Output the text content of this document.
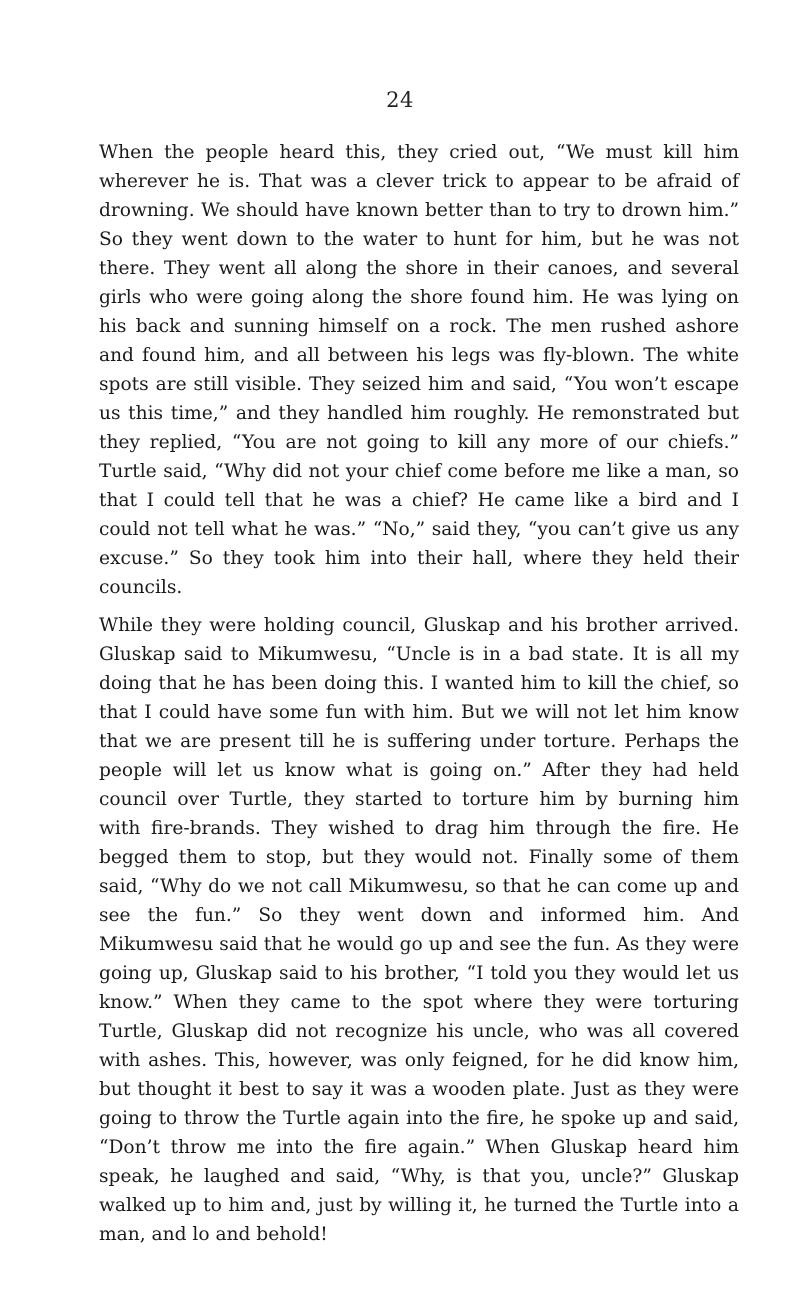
24

When the people heard this, they cried out, “We must kill him wherever he is. That was a clever trick to appear to be afraid of drowning. We should have known better than to try to drown him.” So they went down to the water to hunt for him, but he was not there. They went all along the shore in their canoes, and several girls who were going along the shore found him. He was lying on his back and sunning himself on a rock. The men rushed ashore and found him, and all between his legs was fly-blown. The white spots are still visible. They seized him and said, “You won’t escape us this time,” and they handled him roughly. He remonstrated but they replied, “You are not going to kill any more of our chiefs.” Turtle said, “Why did not your chief come before me like a man, so that I could tell that he was a chief? He came like a bird and I could not tell what he was.” “No,” said they, “you can’t give us any excuse.” So they took him into their hall, where they held their councils.

While they were holding council, Gluskap and his brother arrived. Gluskap said to Mikumwesu, “Uncle is in a bad state. It is all my doing that he has been doing this. I wanted him to kill the chief, so that I could have some fun with him. But we will not let him know that we are present till he is suffering under torture. Perhaps the people will let us know what is going on.” After they had held council over Turtle, they started to torture him by burning him with fire-brands. They wished to drag him through the fire. He begged them to stop, but they would not. Finally some of them said, “Why do we not call Mikumwesu, so that he can come up and see the fun.” So they went down and informed him. And Mikumwesu said that he would go up and see the fun. As they were going up, Gluskap said to his brother, “I told you they would let us know.” When they came to the spot where they were torturing Turtle, Gluskap did not recognize his uncle, who was all covered with ashes. This, however, was only feigned, for he did know him, but thought it best to say it was a wooden plate. Just as they were going to throw the Turtle again into the fire, he spoke up and said, “Don’t throw me into the fire again.” When Gluskap heard him speak, he laughed and said, “Why, is that you, uncle?” Gluskap walked up to him and, just by willing it, he turned the Turtle into a man, and lo and behold!
